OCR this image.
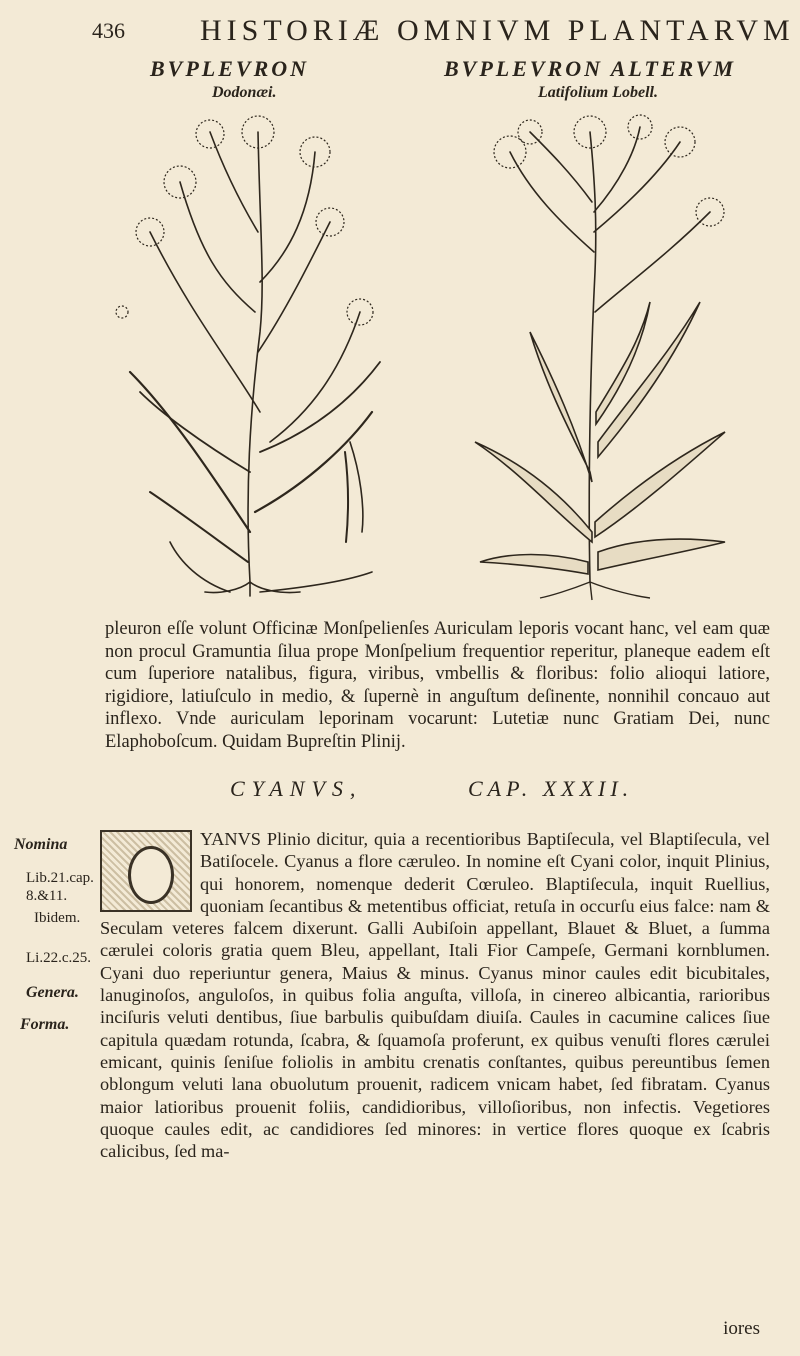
436	HISTORIÆ OMNIVM PLANTARVM
BVPLEVRON
Dodonæi.
BVPLEVRON ALTERVM
Latifolium Lobell.
pleuron eſſe volunt Officinæ Monſpelienſes Auriculam leporis vocant hanc, vel eam quæ non procul Gramuntia ſilua prope Monſpelium frequentior reperitur, planeque eadem eſt cum ſuperiore natalibus, figura, viribus, vmbellis & floribus: folio alioqui latiore, rigidiore, latiuſculo in medio, & ſupernè in anguſtum deſinente, nonnihil concauo aut inflexo. Vnde auriculam leporinam vocarunt: Lutetiæ nunc Gratiam Dei, nunc Elaphoboſcum. Quidam Bupreſtin Plinij.
CYANVS,	CAP. XXXII.
Nomina
Lib.21.cap.
8.&11.
Ibidem.
Li.22.c.25.
Genera.
Forma.
YANVS Plinio dicitur, quia a recentioribus Baptiſecula, vel Blaptiſecula, vel Batiſocele. Cyanus a flore cæruleo. In nomine eſt Cyani color, inquit Plinius, qui honorem, nomenque dederit Cœruleo. Blaptiſecula, inquit Ruellius, quoniam ſecantibus & metentibus officiat, retuſa in occurſu eius falce: nam & Seculam veteres falcem dixerunt. Galli Aubiſoin appellant, Blauet & Bluet, a ſumma cærulei coloris gratia quem Bleu, appellant, Itali Fior Campeſe, Germani kornblumen. Cyani duo reperiuntur genera, Maius & minus. Cyanus minor caules edit bicubitales, lanuginoſos, anguloſos, in quibus folia anguſta, villoſa, in cinereo albicantia, rarioribus inciſuris veluti dentibus, ſiue barbulis quibuſdam diuiſa. Caules in cacumine calices ſiue capitula quædam rotunda, ſcabra, & ſquamoſa proferunt, ex quibus venuſti flores cærulei emicant, quinis ſeniſue foliolis in ambitu crenatis conſtantes, quibus pereuntibus ſemen oblongum veluti lana obuolutum prouenit, radicem vnicam habet, ſed fibratam. Cyanus maior latioribus prouenit foliis, candidioribus, villoſioribus, non infectis. Vegetiores quoque caules edit, ac candidiores ſed minores: in vertice flores quoque ex ſcabris calicibus, ſed ma-
iores
